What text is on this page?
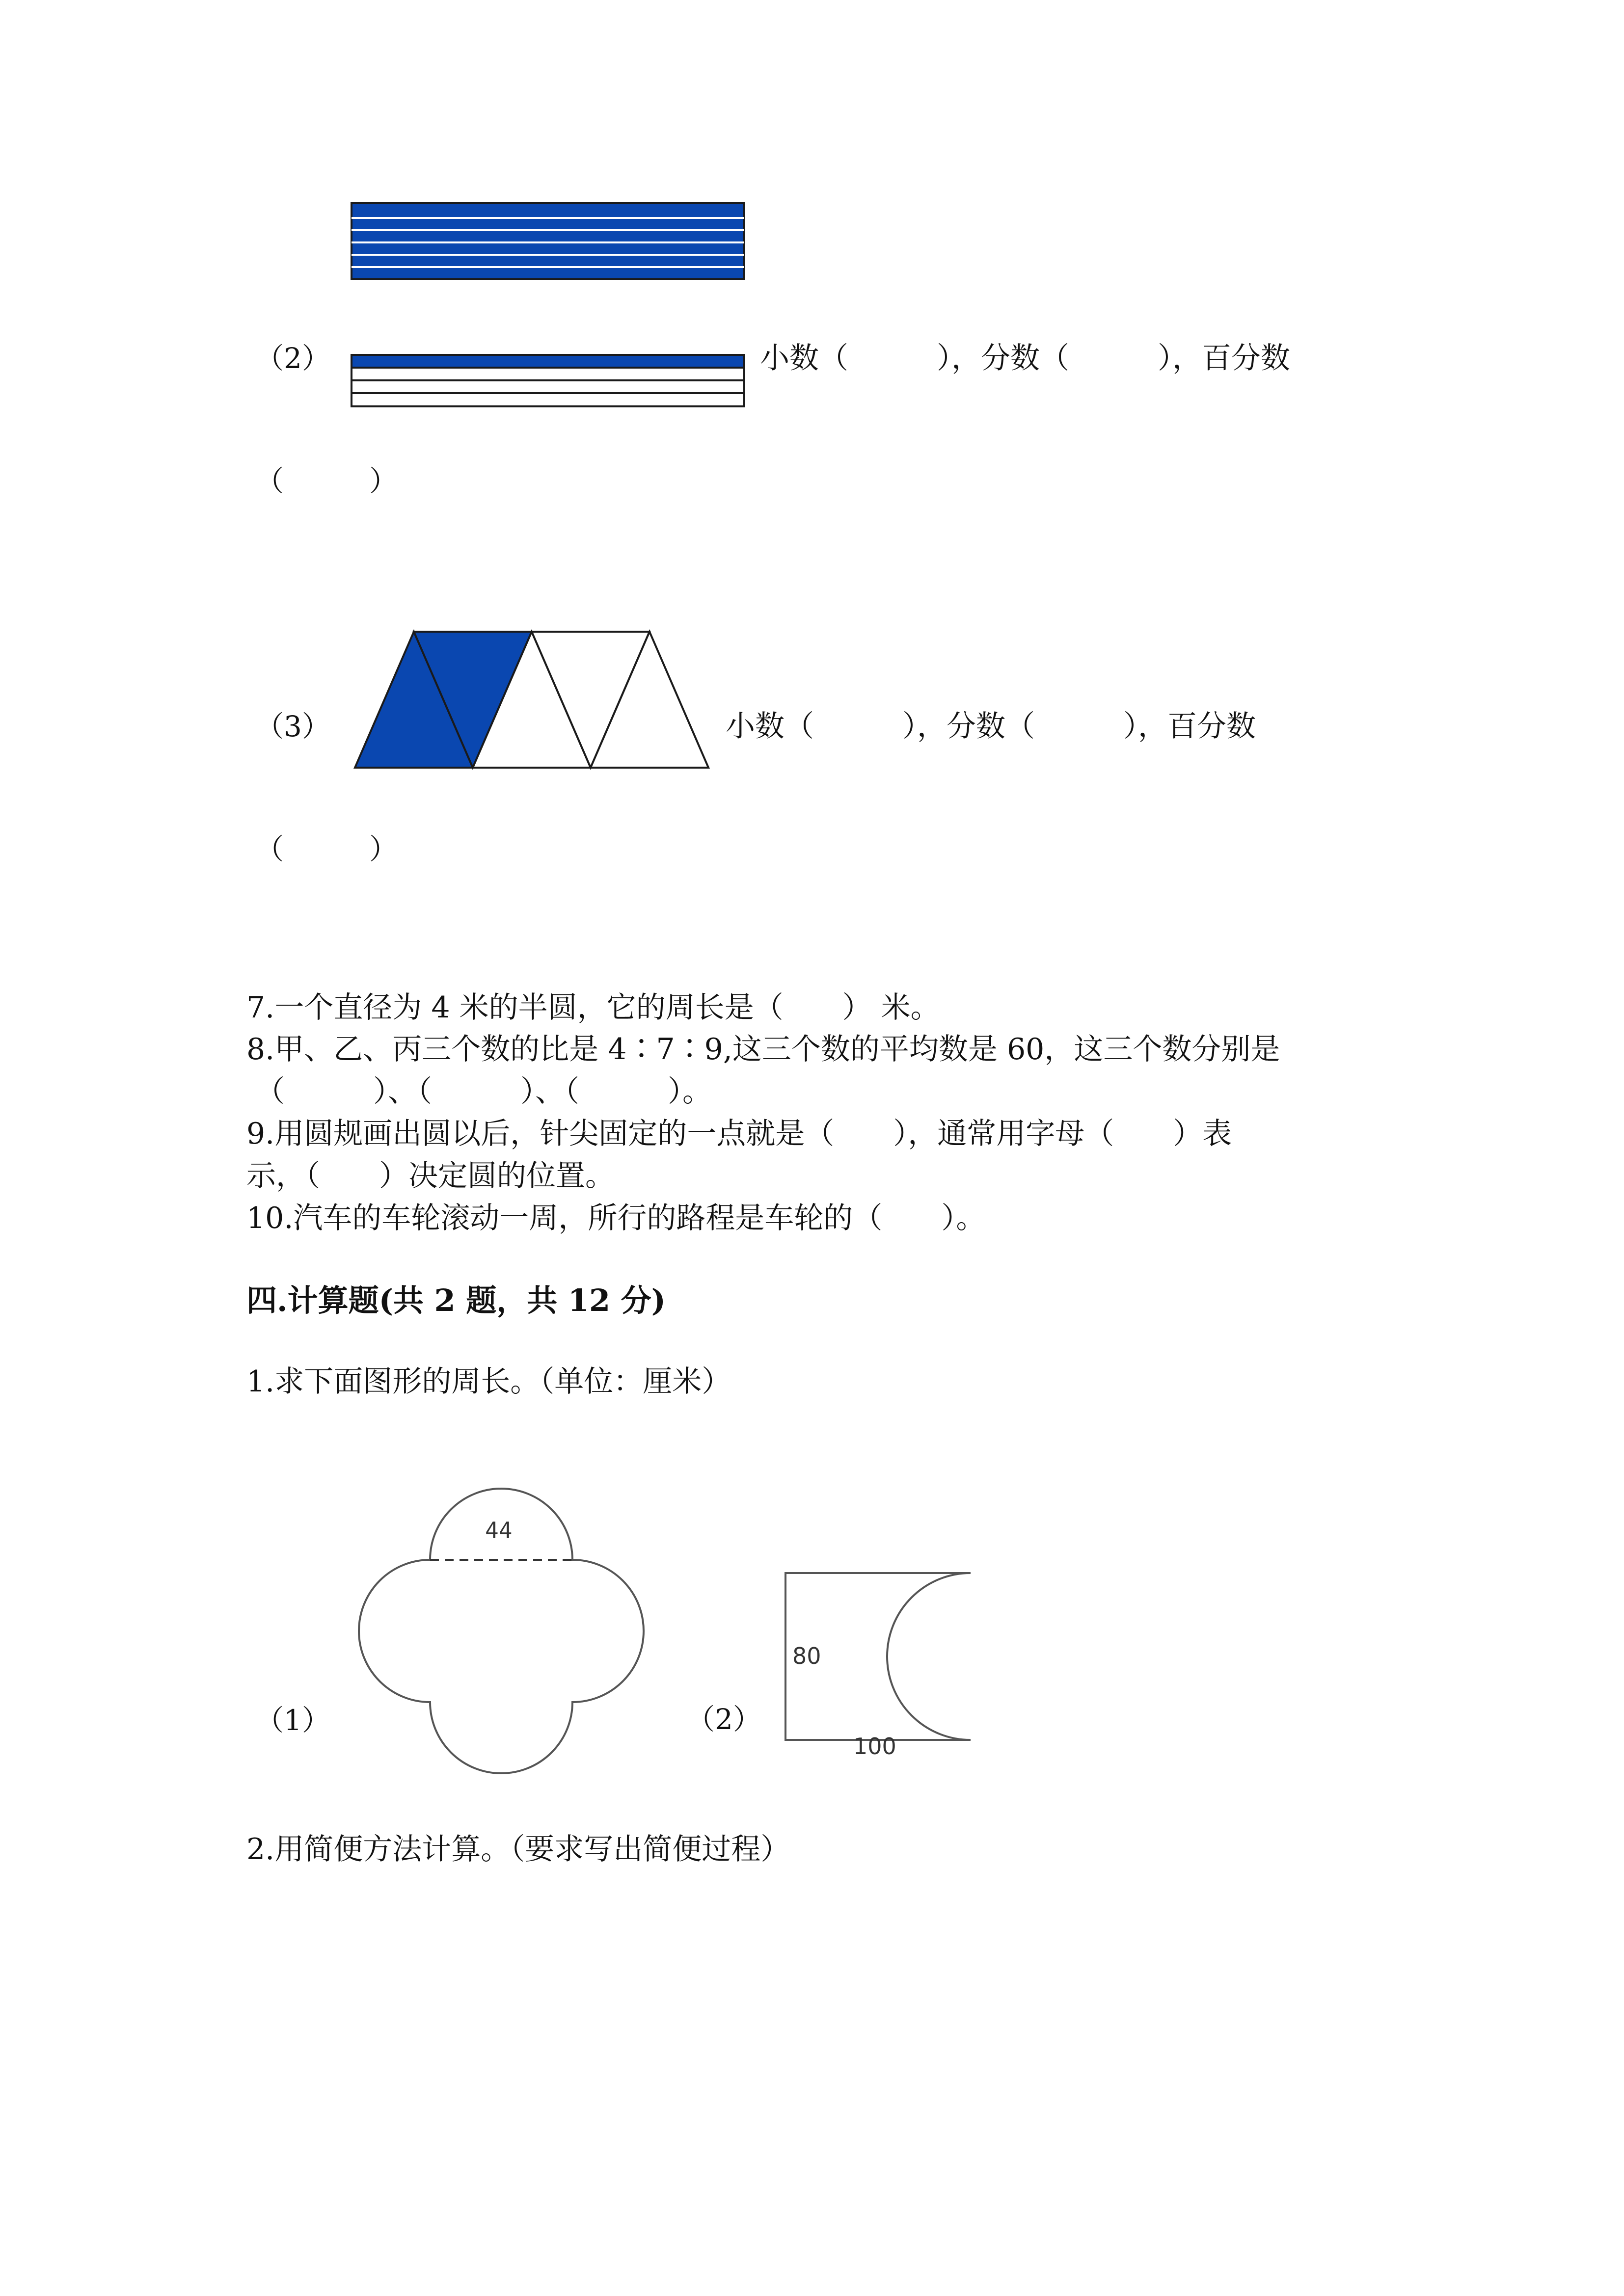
（2）	小数（　　　），分数（　　　），百分数
（　　　）
（3）	小数（　　　），分数（　　　），百分数
（　　　）
7.一个直径为 4 米的半圆，它的周长是（　　） 米。
8.甲、乙、丙三个数的比是 4∶7∶9,这三个数的平均数是 60，这三个数分别是
（　　　）、（　　　）、（　　　）。
9.用圆规画出圆以后，针尖固定的一点就是（　　），通常用字母（　　）表
示，（　　）决定圆的位置。
10.汽车的车轮滚动一周，所行的路程是车轮的（　　）。
四.计算题(共 2 题，共 12 分)
1.求下面图形的周长。（单位：厘米）
（1）
44
（2）
80
100
2.用简便方法计算。（要求写出简便过程）
